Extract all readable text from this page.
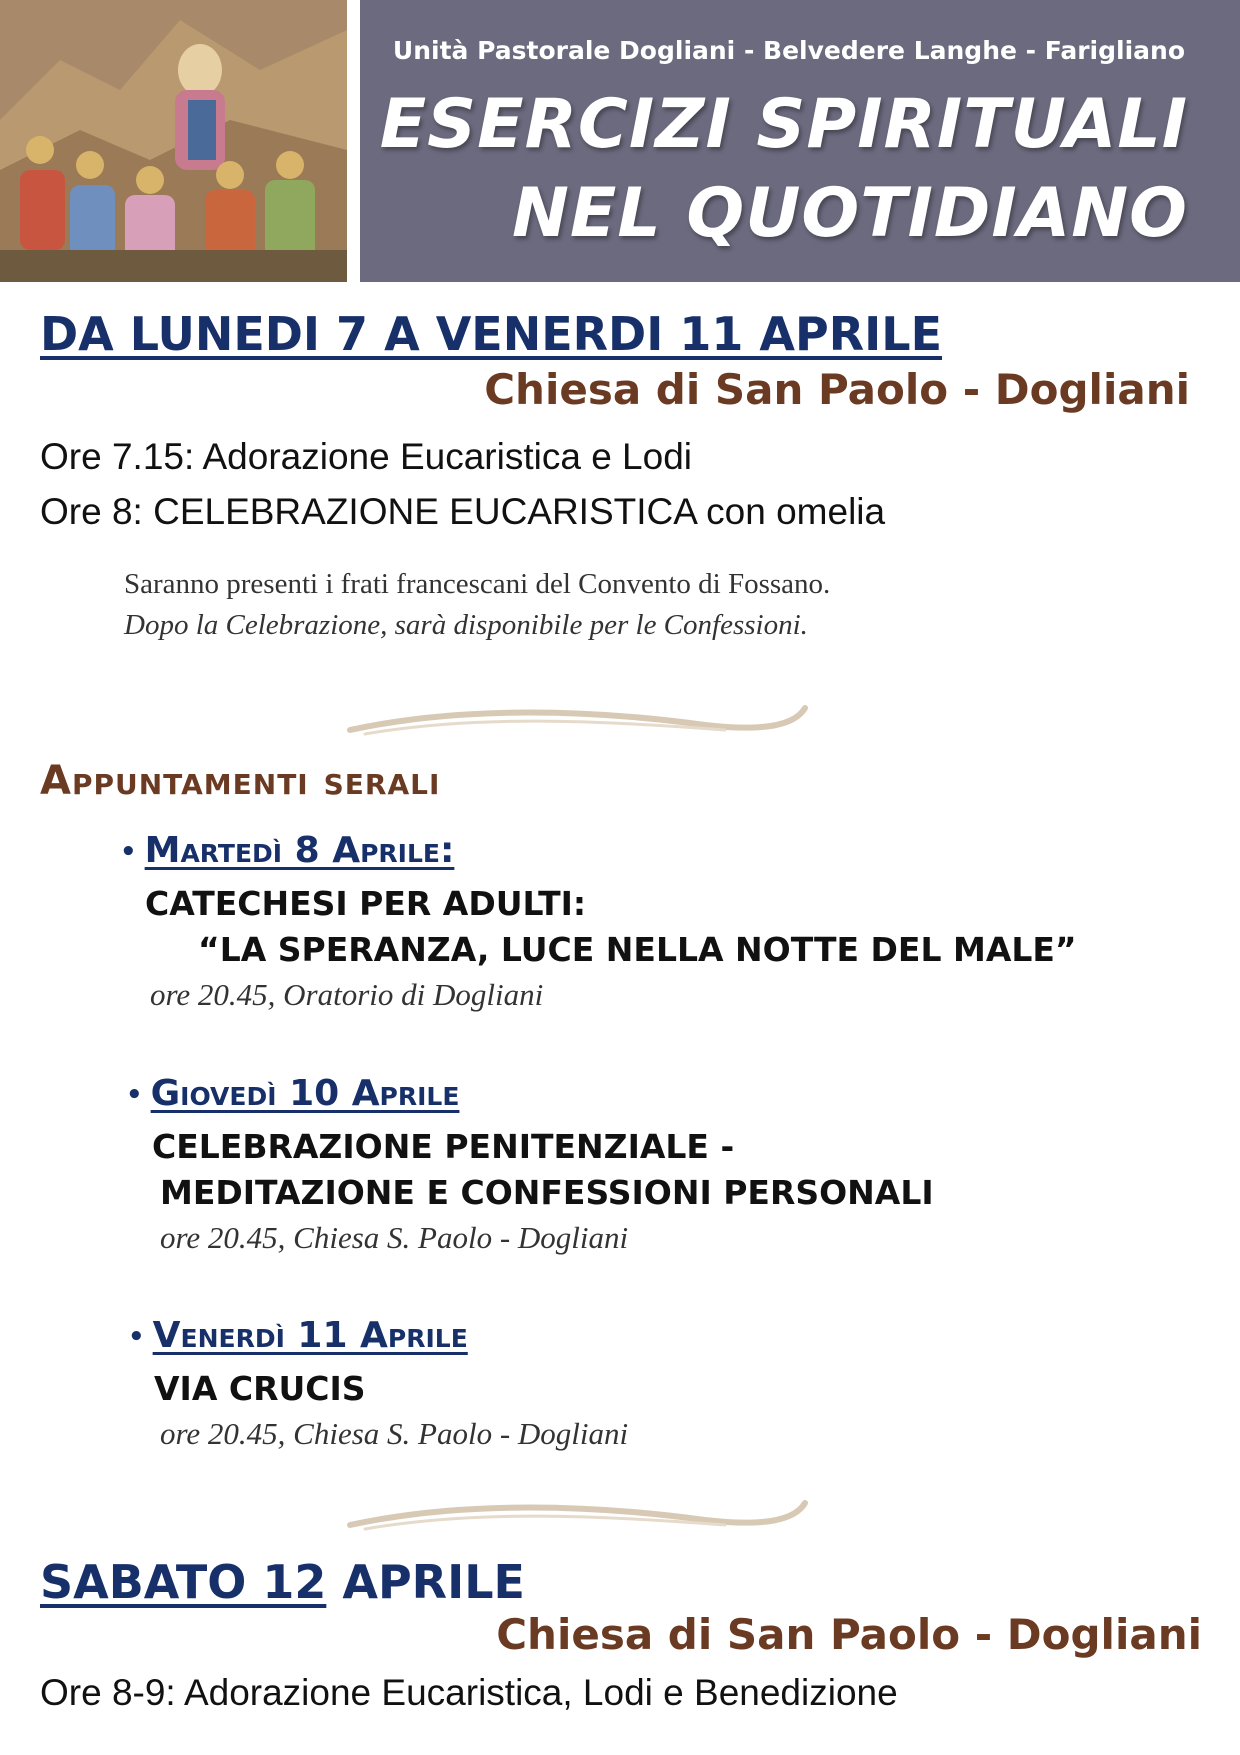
Unità Pastorale Dogliani - Belvedere Langhe - Farigliano
ESERCIZI SPIRITUALI
NEL QUOTIDIANO
DA LUNEDI 7 A VENERDI 11 APRILE
Chiesa di San Paolo - Dogliani
Ore 7.15: Adorazione Eucaristica e Lodi
Ore 8: CELEBRAZIONE EUCARISTICA con omelia
Saranno presenti i frati francescani del Convento di Fossano.
Dopo la Celebrazione, sarà disponibile per le Confessioni.
Appuntamenti serali
• Martedì 8 Aprile:
CATECHESI PER ADULTI:
“LA SPERANZA, LUCE NELLA NOTTE DEL MALE”
ore 20.45, Oratorio di Dogliani
• Giovedì 10 Aprile
CELEBRAZIONE PENITENZIALE -
MEDITAZIONE E CONFESSIONI PERSONALI
ore 20.45, Chiesa S. Paolo - Dogliani
• Venerdì 11 Aprile
VIA CRUCIS
ore 20.45, Chiesa S. Paolo - Dogliani
SABATO 12 APRILE
Chiesa di San Paolo - Dogliani
Ore 8-9: Adorazione Eucaristica, Lodi e Benedizione
